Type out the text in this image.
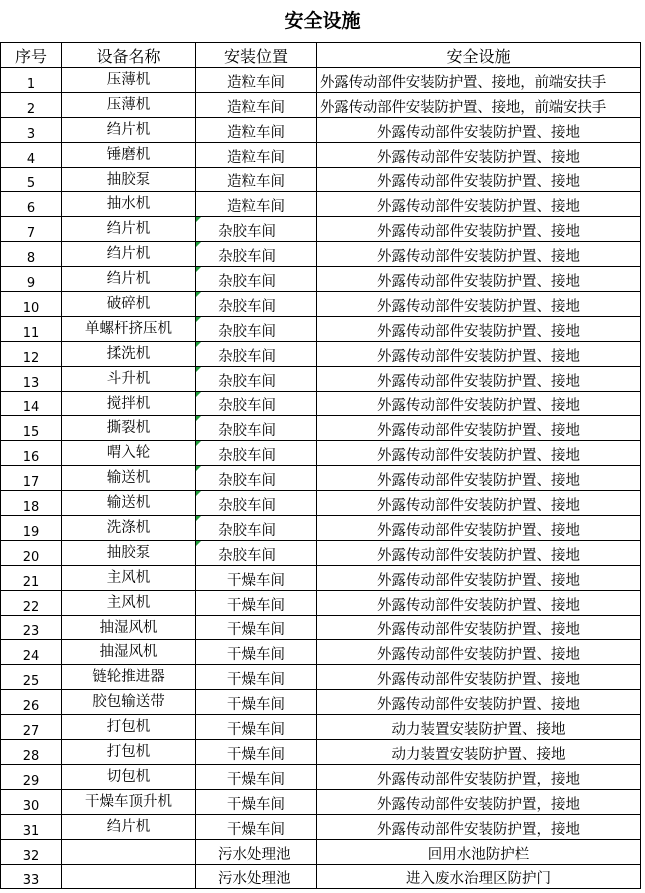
安全设施
序号	设备名称	安装位置	安全设施
1	压薄机	造粒车间	外露传动部件安装防护置、接地，前端安扶手
2	压薄机	造粒车间	外露传动部件安装防护置、接地，前端安扶手
3	绉片机	造粒车间	外露传动部件安装防护置、接地
4	锤磨机	造粒车间	外露传动部件安装防护置、接地
5	抽胶泵	造粒车间	外露传动部件安装防护置、接地
6	抽水机	造粒车间	外露传动部件安装防护置、接地
7	绉片机	杂胶车间	外露传动部件安装防护置、接地
8	绉片机	杂胶车间	外露传动部件安装防护置、接地
9	绉片机	杂胶车间	外露传动部件安装防护置、接地
10	破碎机	杂胶车间	外露传动部件安装防护置、接地
11	单螺杆挤压机	杂胶车间	外露传动部件安装防护置、接地
12	揉洗机	杂胶车间	外露传动部件安装防护置、接地
13	斗升机	杂胶车间	外露传动部件安装防护置、接地
14	搅拌机	杂胶车间	外露传动部件安装防护置、接地
15	撕裂机	杂胶车间	外露传动部件安装防护置、接地
16	喟入轮	杂胶车间	外露传动部件安装防护置、接地
17	输送机	杂胶车间	外露传动部件安装防护置、接地
18	输送机	杂胶车间	外露传动部件安装防护置、接地
19	洗涤机	杂胶车间	外露传动部件安装防护置、接地
20	抽胶泵	杂胶车间	外露传动部件安装防护置、接地
21	主风机	干燥车间	外露传动部件安装防护置、接地
22	主风机	干燥车间	外露传动部件安装防护置、接地
23	抽湿风机	干燥车间	外露传动部件安装防护置、接地
24	抽湿风机	干燥车间	外露传动部件安装防护置、接地
25	链轮推进器	干燥车间	外露传动部件安装防护置、接地
26	胶包输送带	干燥车间	外露传动部件安装防护置、接地
27	打包机	干燥车间	动力装置安装防护置、接地
28	打包机	干燥车间	动力装置安装防护置、接地
29	切包机	干燥车间	外露传动部件安装防护置，接地
30	干燥车顶升机	干燥车间	外露传动部件安装防护置，接地
31	绉片机	干燥车间	外露传动部件安装防护置，接地
32		污水处理池	回用水池防护栏
33		污水处理池	进入废水治理区防护门
